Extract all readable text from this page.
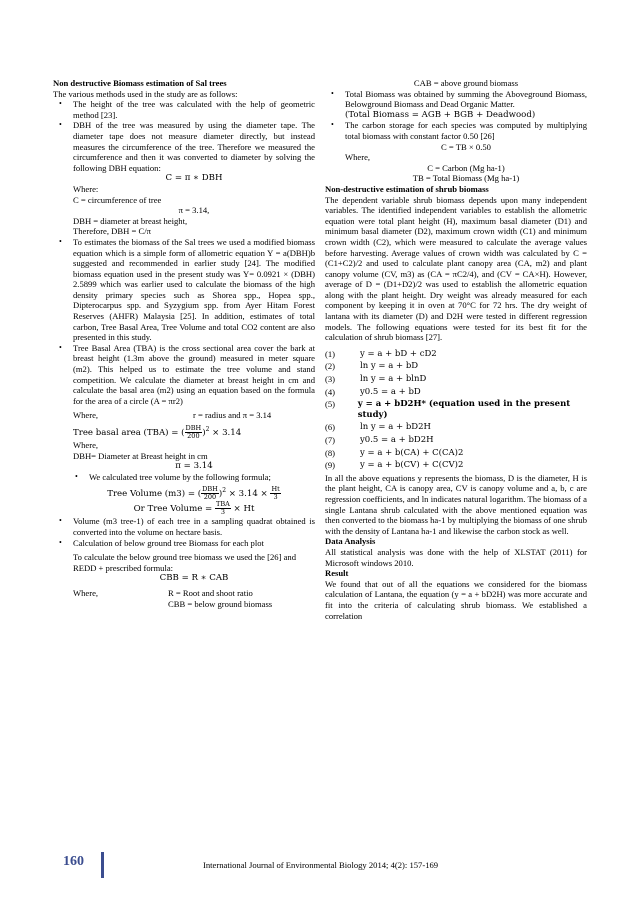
Non destructive Biomass estimation of Sal trees

The various methods used in the study are as follows:

• The height of the tree was calculated with the help of geometric method [23].
• DBH of the tree was measured by using the diameter tape. The diameter tape does not measure diameter directly, but instead measures the circumference of the tree. Therefore we measured the circumference and then it was converted to diameter by solving the following DBH equation:

C = π ∗ DBH

Where:

C = circumference of tree

π = 3.14,

DBH = diameter at breast height,

Therefore, DBH = C/π

• To estimates the biomass of the Sal trees we used a modified biomass equation which is a simple form of allometric equation Y = a(DBH)b suggested and recommended in earlier study [24]. The modified biomass equation used in the present study was Y= 0.0921 × (DBH) 2.5899 which was earlier used to calculate the biomass of the high density primary species such as Shorea spp., Hopea spp., Dipterocarpus spp. and Syzygium spp. from Ayer Hitam Forest Reserves (AHFR) Malaysia [25]. In addition, estimates of total carbon, Tree Basal Area, Tree Volume and total CO2 content are also presented in this study.
• Tree Basal Area (TBA) is the cross sectional area cover the bark at breast height (1.3m above the ground) measured in meter square (m2). This helped us to estimate the tree volume and stand competition. We calculate the diameter at breast height in cm and calculate the basal area (m2) using an equation based on the formula for the area of a circle (A = πr2)
Where,	r = radius and π = 3.14

Tree basal area (TBA) = ( $\frac{\text{DBH}}{200} )^2 \times 3.14$

Where,

DBH= Diameter at Breast height in cm

π = 3.14

• We calculated tree volume by the following formula;

Tree Volume (m3) = ( $\frac{\text{DBH}}{200} )^2 \times 3.14 \times \frac{Ht}{3}$

Or Tree Volume = $\frac{\text{TBA}}{3} \times Ht$

• Volume (m3 tree-1) of each tree in a sampling quadrat obtained is converted into the volume on hectare basis.
• Calculation of below ground tree Biomass for each plot

To calculate the below ground tree biomass we used the [26] and REDD + prescribed formula:

CBB = R ∗ CAB

Where,	R = Root and shoot ratio
CBB = below ground biomass

CAB = above ground biomass

• Total Biomass was obtained by summing the Aboveground Biomass, Belowground Biomass and Dead Organic Matter.

(Total Biomass = AGB + BGB + Deadwood)

• The carbon storage for each species was computed by multiplying total biomass with constant factor 0.50 [26]

C = TB × 0.50

Where,

C = Carbon (Mg ha-1)

TB = Total Biomass (Mg ha-1)

Non-destructive estimation of shrub biomass

The dependent variable shrub biomass depends upon many independent variables. The identified independent variables to establish the allometric equation were total plant height (H), maximum basal diameter (D1) and minimum basal diameter (D2), maximum crown width (C1) and minimum crown width (C2), which were measured to calculate the average values before harvesting. Average values of crown width was calculated by C = (C1+C2)/2 and used to calculate plant canopy area (CA, m2) and plant canopy volume (CV, m3) as (CA = πC2/4), and (CV = CA×H). However, average of D = (D1+D2)/2 was used to establish the allometric equation along with the plant height. Dry weight was already measured for each component by keeping it in oven at 70°C for 72 hrs. The dry weight of lantana with its diameter (D) and D2H were tested in different regression models. The following equations were tested for its best fit for the calculation of shrub biomass [27].

(1)	y = a + bD + cD2
(2)	ln y = a + bD
(3)	ln y = a + blnD
(4)	y0.5 = a + bD
(5)	y = a + bD2H* (equation used in the present study)
(6)	ln y = a + bD2H
(7)	y0.5 = a + bD2H
(8)	y = a + b(CA) + C(CA)2
(9)	y = a + b(CV) + C(CV)2

In all the above equations y represents the biomass, D is the diameter, H is the plant height, CA is canopy area, CV is canopy volume and a, b, c are regression coefficients, and ln indicates natural logarithm. The biomass of a single Lantana shrub calculated with the above mentioned equation was then converted to the biomass ha-1 by multiplying the biomass of one shrub with the density of Lantana ha-1 and likewise the carbon stock as well.

Data Analysis

All statistical analysis was done with the help of XLSTAT (2011) for Microsoft windows 2010.

Result

We found that out of all the equations we considered for the biomass calculation of Lantana, the equation (y = a + bD2H) was more accurate and fit into the criteria of calculating shrub biomass. We established a correlation

160	International Journal of Environmental Biology 2014; 4(2): 157-169
